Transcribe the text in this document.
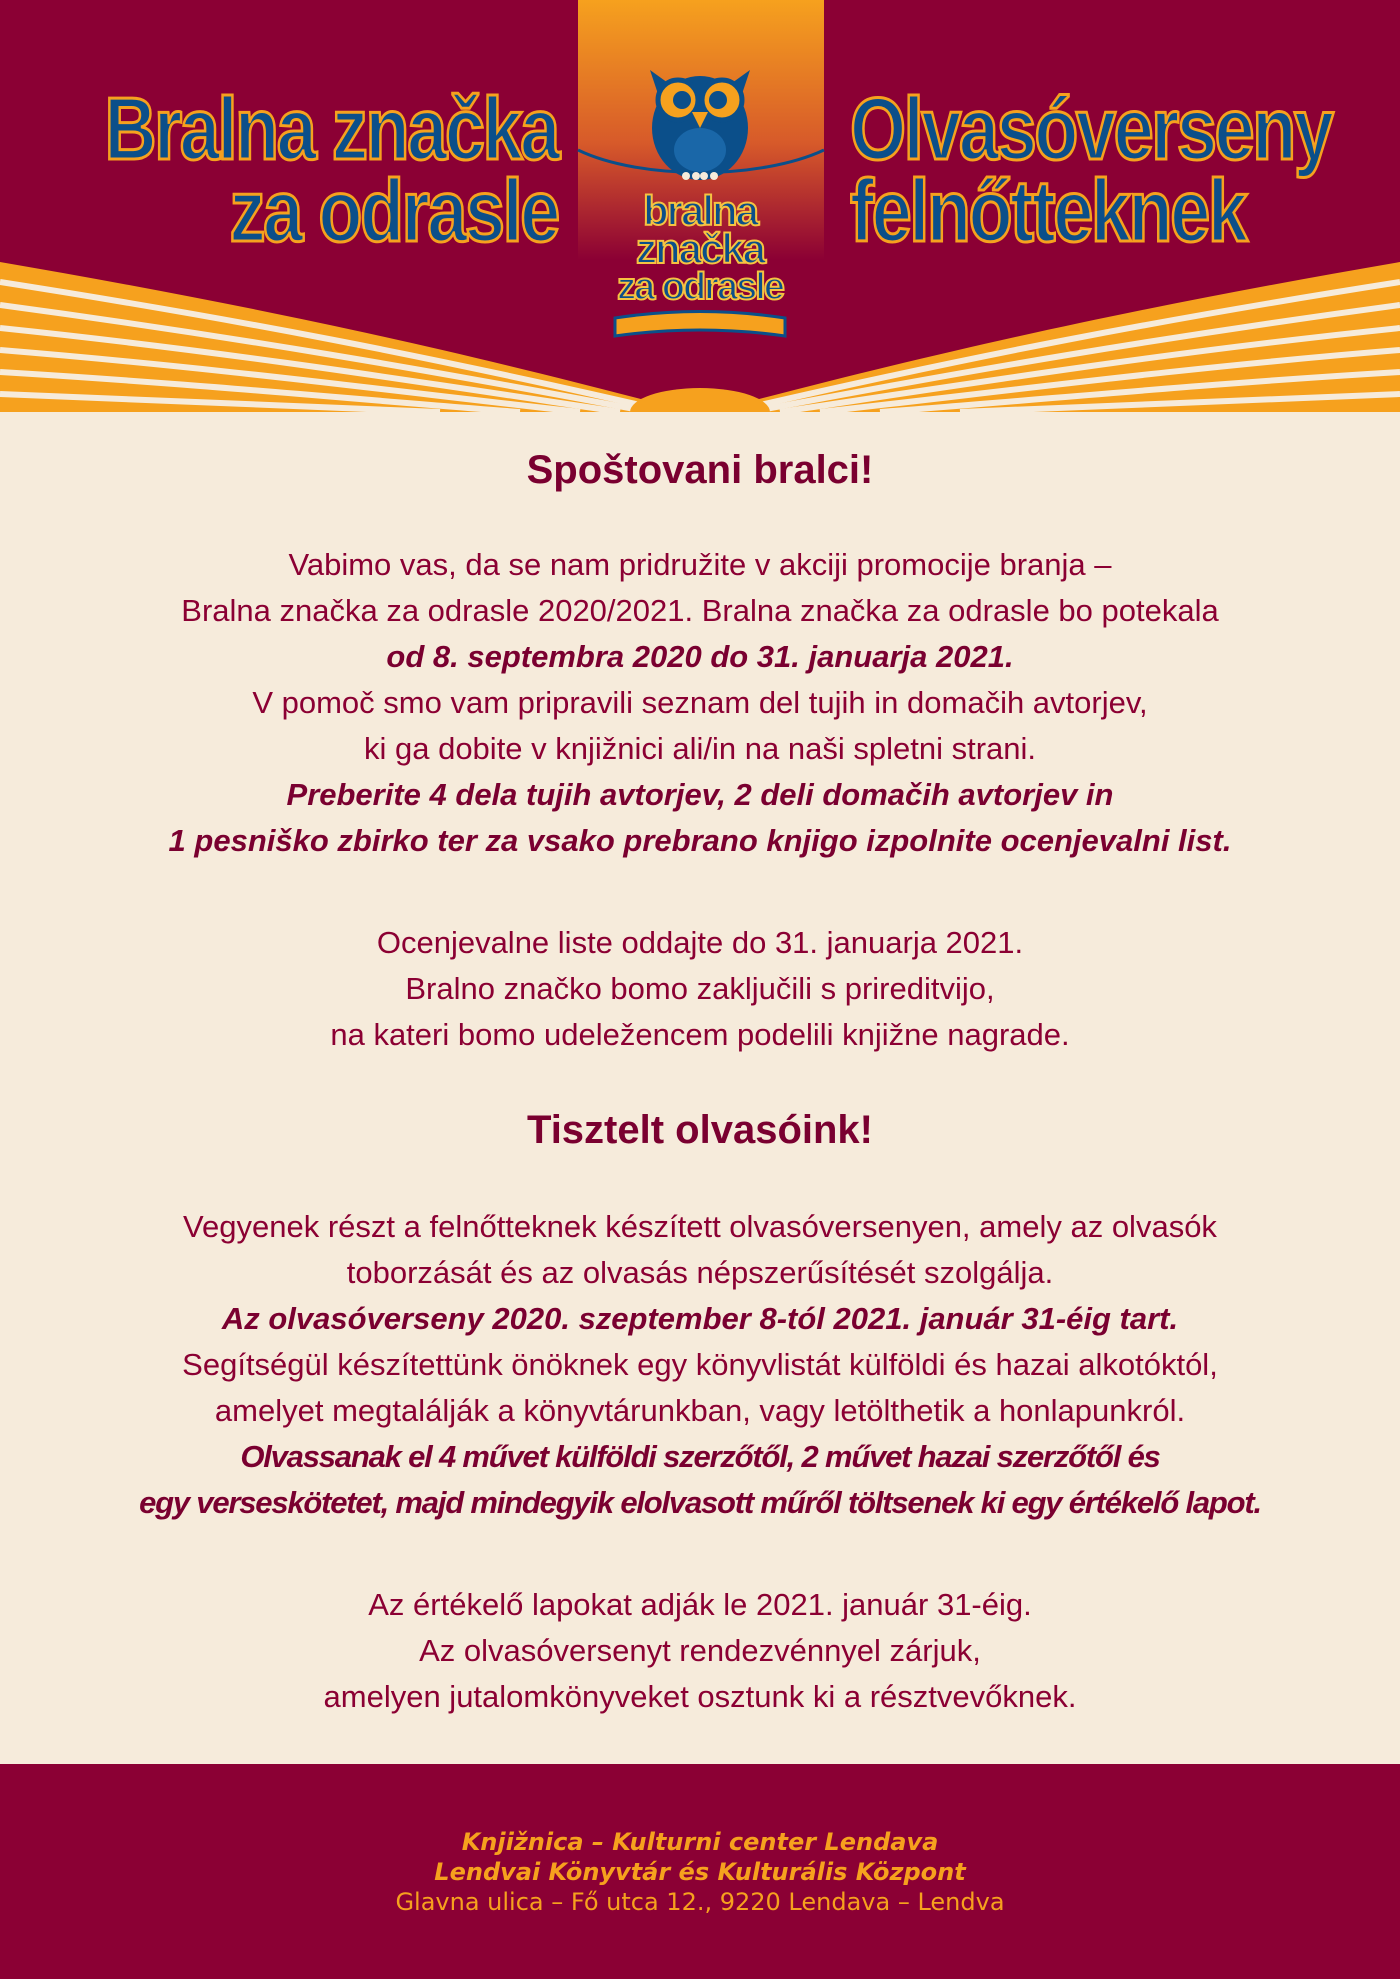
Bralna značka
za odrasle
Olvasóverseny
felnőtteknek
bralna
značka
za odrasle
Spoštovani bralci!
Vabimo vas, da se nam pridružite v akciji promocije branja –
Bralna značka za odrasle 2020/2021. Bralna značka za odrasle bo potekala
od 8. septembra 2020 do 31. januarja 2021.
V pomoč smo vam pripravili seznam del tujih in domačih avtorjev,
ki ga dobite v knjižnici ali/in na naši spletni strani.
Preberite 4 dela tujih avtorjev, 2 deli domačih avtorjev in
1 pesniško zbirko ter za vsako prebrano knjigo izpolnite ocenjevalni list.
Ocenjevalne liste oddajte do 31. januarja 2021.
Bralno značko bomo zaključili s prireditvijo,
na kateri bomo udeležencem podelili knjižne nagrade.
Tisztelt olvasóink!
Vegyenek részt a felnőtteknek készített olvasóversenyen, amely az olvasók
toborzását és az olvasás népszerűsítését szolgálja.
Az olvasóverseny 2020. szeptember 8-tól 2021. január 31-éig tart.
Segítségül készítettünk önöknek egy könyvlistát külföldi és hazai alkotóktól,
amelyet megtalálják a könyvtárunkban, vagy letölthetik a honlapunkról.
Olvassanak el 4 művet külföldi szerzőtől, 2 művet hazai szerzőtől és
egy verseskötetet, majd mindegyik elolvasott műről töltsenek ki egy értékelő lapot.
Az értékelő lapokat adják le 2021. január 31-éig.
Az olvasóversenyt rendezvénnyel zárjuk,
amelyen jutalomkönyveket osztunk ki a résztvevőknek.
Knjižnica – Kulturni center Lendava
Lendvai Könyvtár és Kulturális Központ
Glavna ulica – Fő utca 12., 9220 Lendava – Lendva
